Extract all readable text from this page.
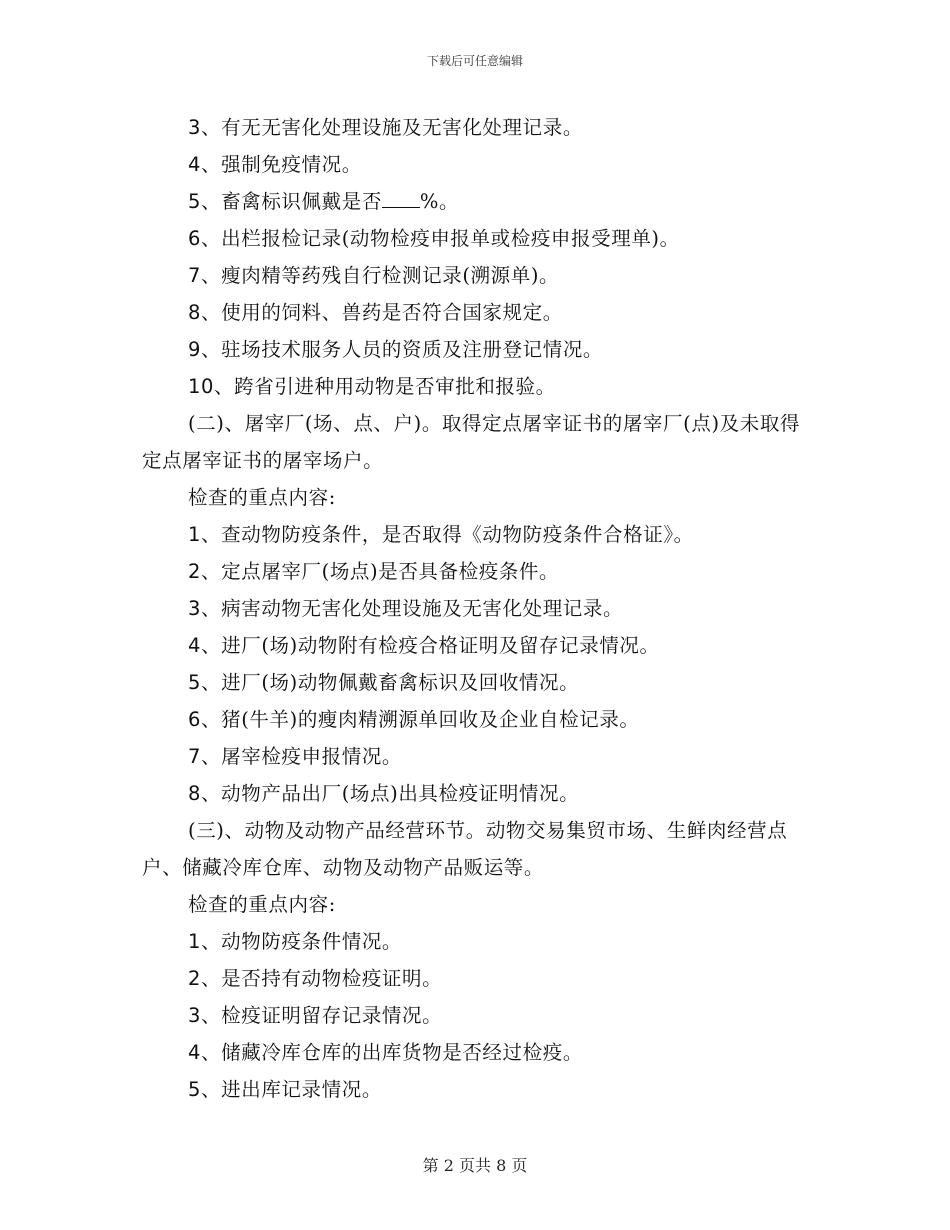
下载后可任意编辑
3、有无无害化处理设施及无害化处理记录。
4、强制免疫情况。
5、畜禽标识佩戴是否 %。
6、出栏报检记录(动物检疫申报单或检疫申报受理单)。
7、瘦肉精等药残自行检测记录(溯源单)。
8、使用的饲料、兽药是否符合国家规定。
9、驻场技术服务人员的资质及注册登记情况。
10、跨省引进种用动物是否审批和报验。
(二)、屠宰厂(场、点、户)。取得定点屠宰证书的屠宰厂(点)及未取得定点屠宰证书的屠宰场户。
检查的重点内容:
1、查动物防疫条件，是否取得《动物防疫条件合格证》。
2、定点屠宰厂(场点)是否具备检疫条件。
3、病害动物无害化处理设施及无害化处理记录。
4、进厂(场)动物附有检疫合格证明及留存记录情况。
5、进厂(场)动物佩戴畜禽标识及回收情况。
6、猪(牛羊)的瘦肉精溯源单回收及企业自检记录。
7、屠宰检疫申报情况。
8、动物产品出厂(场点)出具检疫证明情况。
(三)、动物及动物产品经营环节。动物交易集贸市场、生鲜肉经营点户、储藏冷库仓库、动物及动物产品贩运等。
检查的重点内容:
1、动物防疫条件情况。
2、是否持有动物检疫证明。
3、检疫证明留存记录情况。
4、储藏冷库仓库的出库货物是否经过检疫。
5、进出库记录情况。
第 2 页共 8 页
